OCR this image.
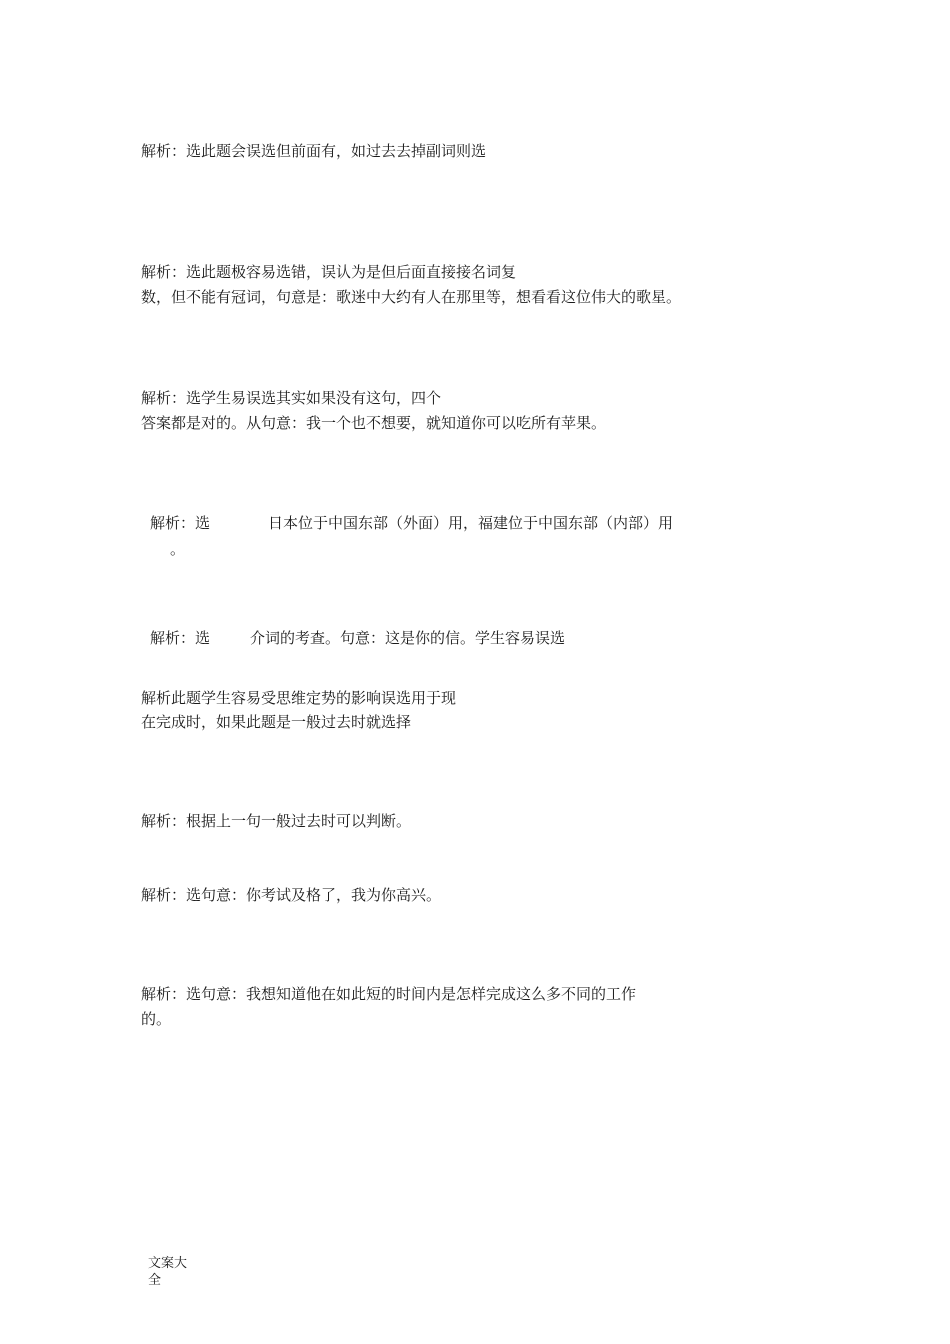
解析：选此题会误选但前面有，如过去去掉副词则选

解析：选此题极容易选错，误认为是但后面直接接名词复

数，但不能有冠词，句意是：歌迷中大约有人在那里等，想看看这位伟大的歌星。

解析：选学生易误选其实如果没有这句，四个

答案都是对的。从句意：我一个也不想要，就知道你可以吃所有苹果。

解析：选	日本位于中国东部（外面）用，福建位于中国东部（内部）用

。

解析：选	介词的考查。句意：这是你的信。学生容易误选

解析此题学生容易受思维定势的影响误选用于现

在完成时，如果此题是一般过去时就选择

解析：根据上一句一般过去时可以判断。

解析：选句意：你考试及格了，我为你高兴。

解析：选句意：我想知道他在如此短的时间内是怎样完成这么多不同的工作

的。

文案大
全
